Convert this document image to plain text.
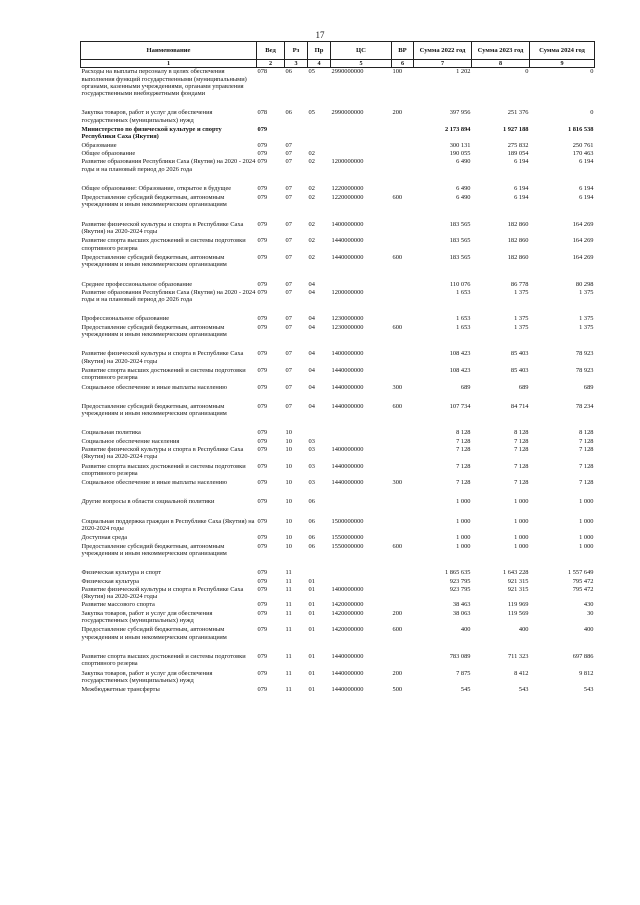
17
Наименование	Вед	Рз	Пр	ЦС	ВР	Сумма 2022 год	Сумма 2023 год	Сумма 2024 год
1	2	3	4	5	6	7	8	9
Расходы на выплаты персоналу в целях обеспечения выполнения функций государственными (муниципальными) органами, казенными учреждениями, органами управления государственными внебюджетными фондами	078	06	05	2990000000	100	1 202	0	0

Закупка товаров, работ и услуг для обеспечения государственных (муниципальных) нужд	078	06	05	2990000000	200	397 956	251 376	0

Министерство по физической культуре и спорту Республики Саха (Якутия)	079					2 173 894	1 927 188	1 816 538

Образование	079	07				300 131	275 832	250 761

Общее образование	079	07	02			190 055	189 054	170 463

Развитие образования Республики Саха (Якутия) на 2020 - 2024 годы и на плановый период до 2026 года	079	07	02	1200000000		6 490	6 194	6 194

Общее образование: Образование, открытое в будущее	079	07	02	1220000000		6 490	6 194	6 194

Предоставление субсидий бюджетным, автономным учреждениям и иным некоммерческим организациям	079	07	02	1220000000	600	6 490	6 194	6 194

Развитие физической культуры и спорта в Республике Саха (Якутия) на 2020-2024 годы	079	07	02	1400000000		183 565	182 860	164 269

Развитие спорта высших достижений и системы подготовки спортивного резерва	079	07	02	1440000000		183 565	182 860	164 269

Предоставление субсидий бюджетным, автономным учреждениям и иным некоммерческим организациям	079	07	02	1440000000	600	183 565	182 860	164 269

Среднее профессиональное образование	079	07	04			110 076	86 778	80 298

Развитие образования Республики Саха (Якутия) на 2020 - 2024 годы и на плановый период до 2026 года	079	07	04	1200000000		1 653	1 375	1 375

Профессиональное образование	079	07	04	1230000000		1 653	1 375	1 375

Предоставление субсидий бюджетным, автономным учреждениям и иным некоммерческим организациям	079	07	04	1230000000	600	1 653	1 375	1 375

Развитие физической культуры и спорта в Республике Саха (Якутия) на 2020-2024 годы	079	07	04	1400000000		108 423	85 403	78 923

Развитие спорта высших достижений и системы подготовки спортивного резерва	079	07	04	1440000000		108 423	85 403	78 923

Социальное обеспечение и иные выплаты населению	079	07	04	1440000000	300	689	689	689

Предоставление субсидий бюджетным, автономным учреждениям и иным некоммерческим организациям	079	07	04	1440000000	600	107 734	84 714	78 234

Социальная политика	079	10				8 128	8 128	8 128

Социальное обеспечение населения	079	10	03			7 128	7 128	7 128

Развитие физической культуры и спорта в Республике Саха (Якутия) на 2020-2024 годы	079	10	03	1400000000		7 128	7 128	7 128

Развитие спорта высших достижений и системы подготовки спортивного резерва	079	10	03	1440000000		7 128	7 128	7 128

Социальное обеспечение и иные выплаты населению	079	10	03	1440000000	300	7 128	7 128	7 128

Другие вопросы в области социальной политики	079	10	06			1 000	1 000	1 000

Социальная поддержка граждан в Республике Саха (Якутия) на 2020-2024 годы	079	10	06	1500000000		1 000	1 000	1 000

Доступная среда	079	10	06	1550000000		1 000	1 000	1 000

Предоставление субсидий бюджетным, автономным учреждениям и иным некоммерческим организациям	079	10	06	1550000000	600	1 000	1 000	1 000

Физическая культура и спорт	079	11				1 865 635	1 643 228	1 557 649

Физическая культура	079	11	01			923 795	921 315	795 472

Развитие физической культуры и спорта в Республике Саха (Якутия) на 2020-2024 годы	079	11	01	1400000000		923 795	921 315	795 472

Развитие массового спорта	079	11	01	1420000000		38 463	119 969	430

Закупка товаров, работ и услуг для обеспечения государственных (муниципальных) нужд	079	11	01	1420000000	200	38 063	119 569	30

Предоставление субсидий бюджетным, автономным учреждениям и иным некоммерческим организациям	079	11	01	1420000000	600	400	400	400

Развитие спорта высших достижений и системы подготовки спортивного резерва	079	11	01	1440000000		783 089	711 323	697 886

Закупка товаров, работ и услуг для обеспечения государственных (муниципальных) нужд	079	11	01	1440000000	200	7 875	8 412	9 812

Межбюджетные трансферты	079	11	01	1440000000	500	545	543	543
